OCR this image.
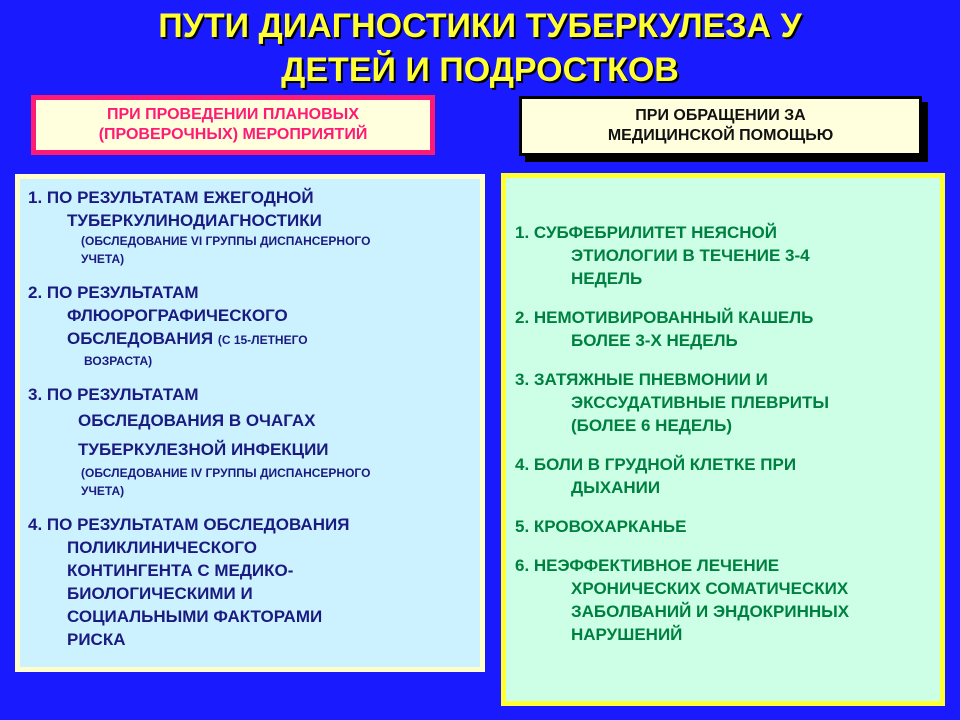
ПУТИ ДИАГНОСТИКИ ТУБЕРКУЛЕЗА У
ДЕТЕЙ И ПОДРОСТКОВ
ПРИ ПРОВЕДЕНИИ ПЛАНОВЫХ
(ПРОВЕРОЧНЫХ) МЕРОПРИЯТИЙ
ПРИ ОБРАЩЕНИИ ЗА
МЕДИЦИНСКОЙ ПОМОЩЬЮ
1. ПО РЕЗУЛЬТАТАМ ЕЖЕГОДНОЙ
ТУБЕРКУЛИНОДИАГНОСТИКИ
(ОБСЛЕДОВАНИЕ VI ГРУППЫ ДИСПАНСЕРНОГО
УЧЕТА)
2. ПО РЕЗУЛЬТАТАМ
ФЛЮОРОГРАФИЧЕСКОГО
ОБСЛЕДОВАНИЯ (С 15-ЛЕТНЕГО
ВОЗРАСТА)
3. ПО РЕЗУЛЬТАТАМ
ОБСЛЕДОВАНИЯ В ОЧАГАХ
ТУБЕРКУЛЕЗНОЙ ИНФЕКЦИИ
(ОБСЛЕДОВАНИЕ IV ГРУППЫ ДИСПАНСЕРНОГО
УЧЕТА)
4. ПО РЕЗУЛЬТАТАМ ОБСЛЕДОВАНИЯ
ПОЛИКЛИНИЧЕСКОГО
КОНТИНГЕНТА С МЕДИКО-
БИОЛОГИЧЕСКИМИ И
СОЦИАЛЬНЫМИ ФАКТОРАМИ
РИСКА
1. СУБФЕБРИЛИТЕТ НЕЯСНОЙ
ЭТИОЛОГИИ В ТЕЧЕНИЕ 3-4
НЕДЕЛЬ
2. НЕМОТИВИРОВАННЫЙ КАШЕЛЬ
БОЛЕЕ 3-Х НЕДЕЛЬ
3. ЗАТЯЖНЫЕ ПНЕВМОНИИ И
ЭКССУДАТИВНЫЕ ПЛЕВРИТЫ
(БОЛЕЕ 6 НЕДЕЛЬ)
4. БОЛИ В ГРУДНОЙ КЛЕТКЕ ПРИ
ДЫХАНИИ
5. КРОВОХАРКАНЬЕ
6. НЕЭФФЕКТИВНОЕ ЛЕЧЕНИЕ
ХРОНИЧЕСКИХ СОМАТИЧЕСКИХ
ЗАБОЛВАНИЙ И ЭНДОКРИННЫХ
НАРУШЕНИЙ
